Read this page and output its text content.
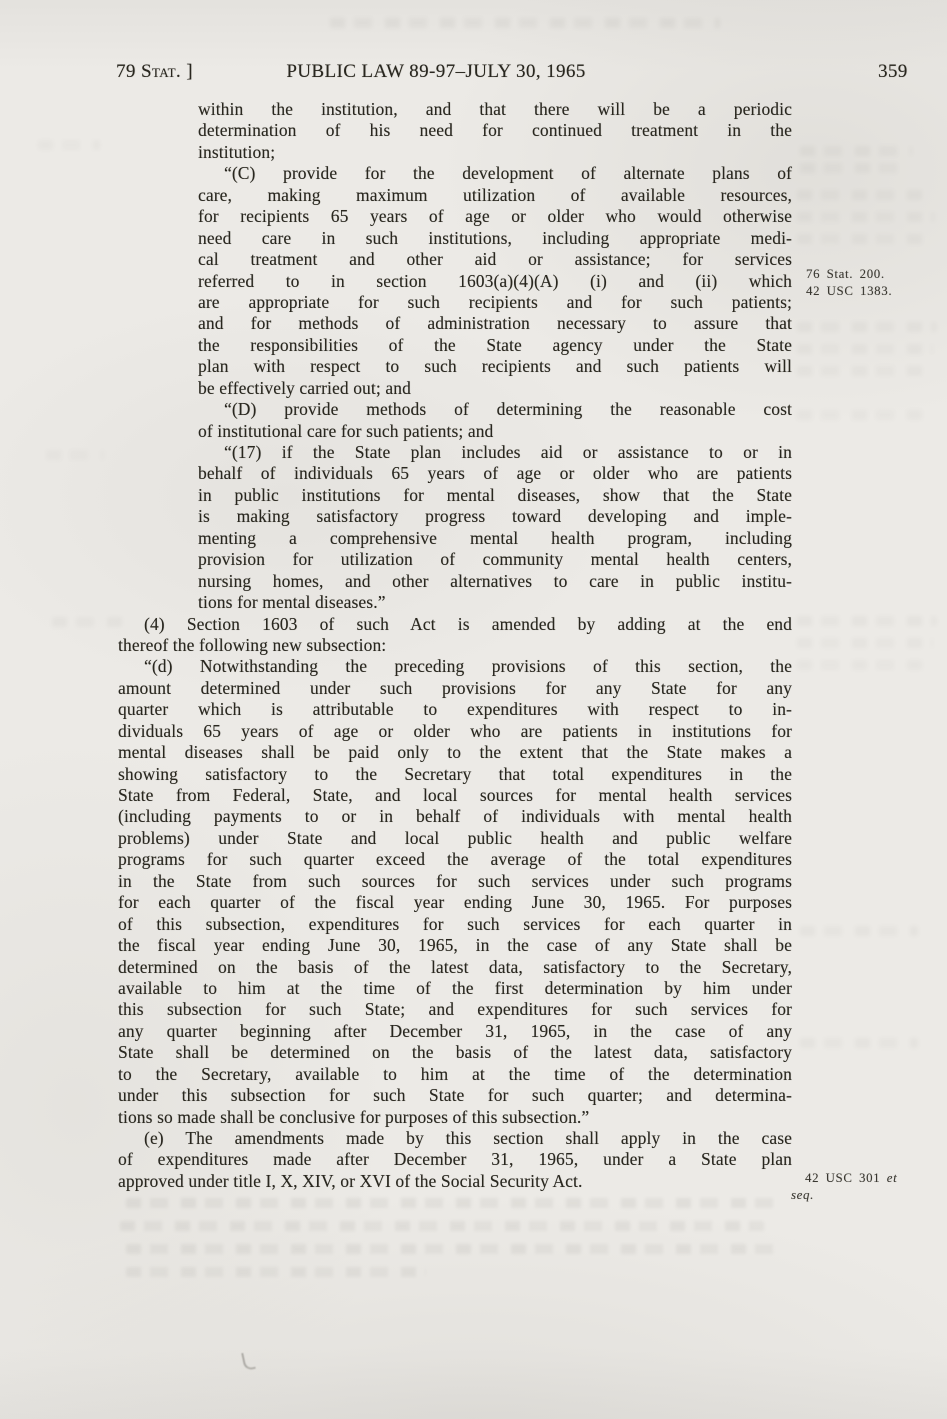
79 Stat. ]	PUBLIC LAW 89-97–JULY 30, 1965	359
within the institution, and that there will be a periodic
determination of his need for continued treatment in the
institution;
“(C) provide for the development of alternate plans of
care, making maximum utilization of available resources,
for recipients 65 years of age or older who would otherwise
need care in such institutions, including appropriate medi-
cal treatment and other aid or assistance; for services
referred to in section 1603(a)(4)(A) (i) and (ii) which
are appropriate for such recipients and for such patients;
and for methods of administration necessary to assure that
the responsibilities of the State agency under the State
plan with respect to such recipients and such patients will
be effectively carried out; and
“(D) provide methods of determining the reasonable cost
of institutional care for such patients; and
“(17) if the State plan includes aid or assistance to or in
behalf of individuals 65 years of age or older who are patients
in public institutions for mental diseases, show that the State
is making satisfactory progress toward developing and imple-
menting a comprehensive mental health program, including
provision for utilization of community mental health centers,
nursing homes, and other alternatives to care in public institu-
tions for mental diseases.”
(4) Section 1603 of such Act is amended by adding at the end
thereof the following new subsection:
“(d) Notwithstanding the preceding provisions of this section, the
amount determined under such provisions for any State for any
quarter which is attributable to expenditures with respect to in-
dividuals 65 years of age or older who are patients in institutions for
mental diseases shall be paid only to the extent that the State makes a
showing satisfactory to the Secretary that total expenditures in the
State from Federal, State, and local sources for mental health services
(including payments to or in behalf of individuals with mental health
problems) under State and local public health and public welfare
programs for such quarter exceed the average of the total expenditures
in the State from such sources for such services under such programs
for each quarter of the fiscal year ending June 30, 1965. For purposes
of this subsection, expenditures for such services for each quarter in
the fiscal year ending June 30, 1965, in the case of any State shall be
determined on the basis of the latest data, satisfactory to the Secretary,
available to him at the time of the first determination by him under
this subsection for such State; and expenditures for such services for
any quarter beginning after December 31, 1965, in the case of any
State shall be determined on the basis of the latest data, satisfactory
to the Secretary, available to him at the time of the determination
under this subsection for such State for such quarter; and determina-
tions so made shall be conclusive for purposes of this subsection.”
(e) The amendments made by this section shall apply in the case
of expenditures made after December 31, 1965, under a State plan
approved under title I, X, XIV, or XVI of the Social Security Act.
76 Stat. 200.
42 USC 1383.
42 USC 301 et
seq.
